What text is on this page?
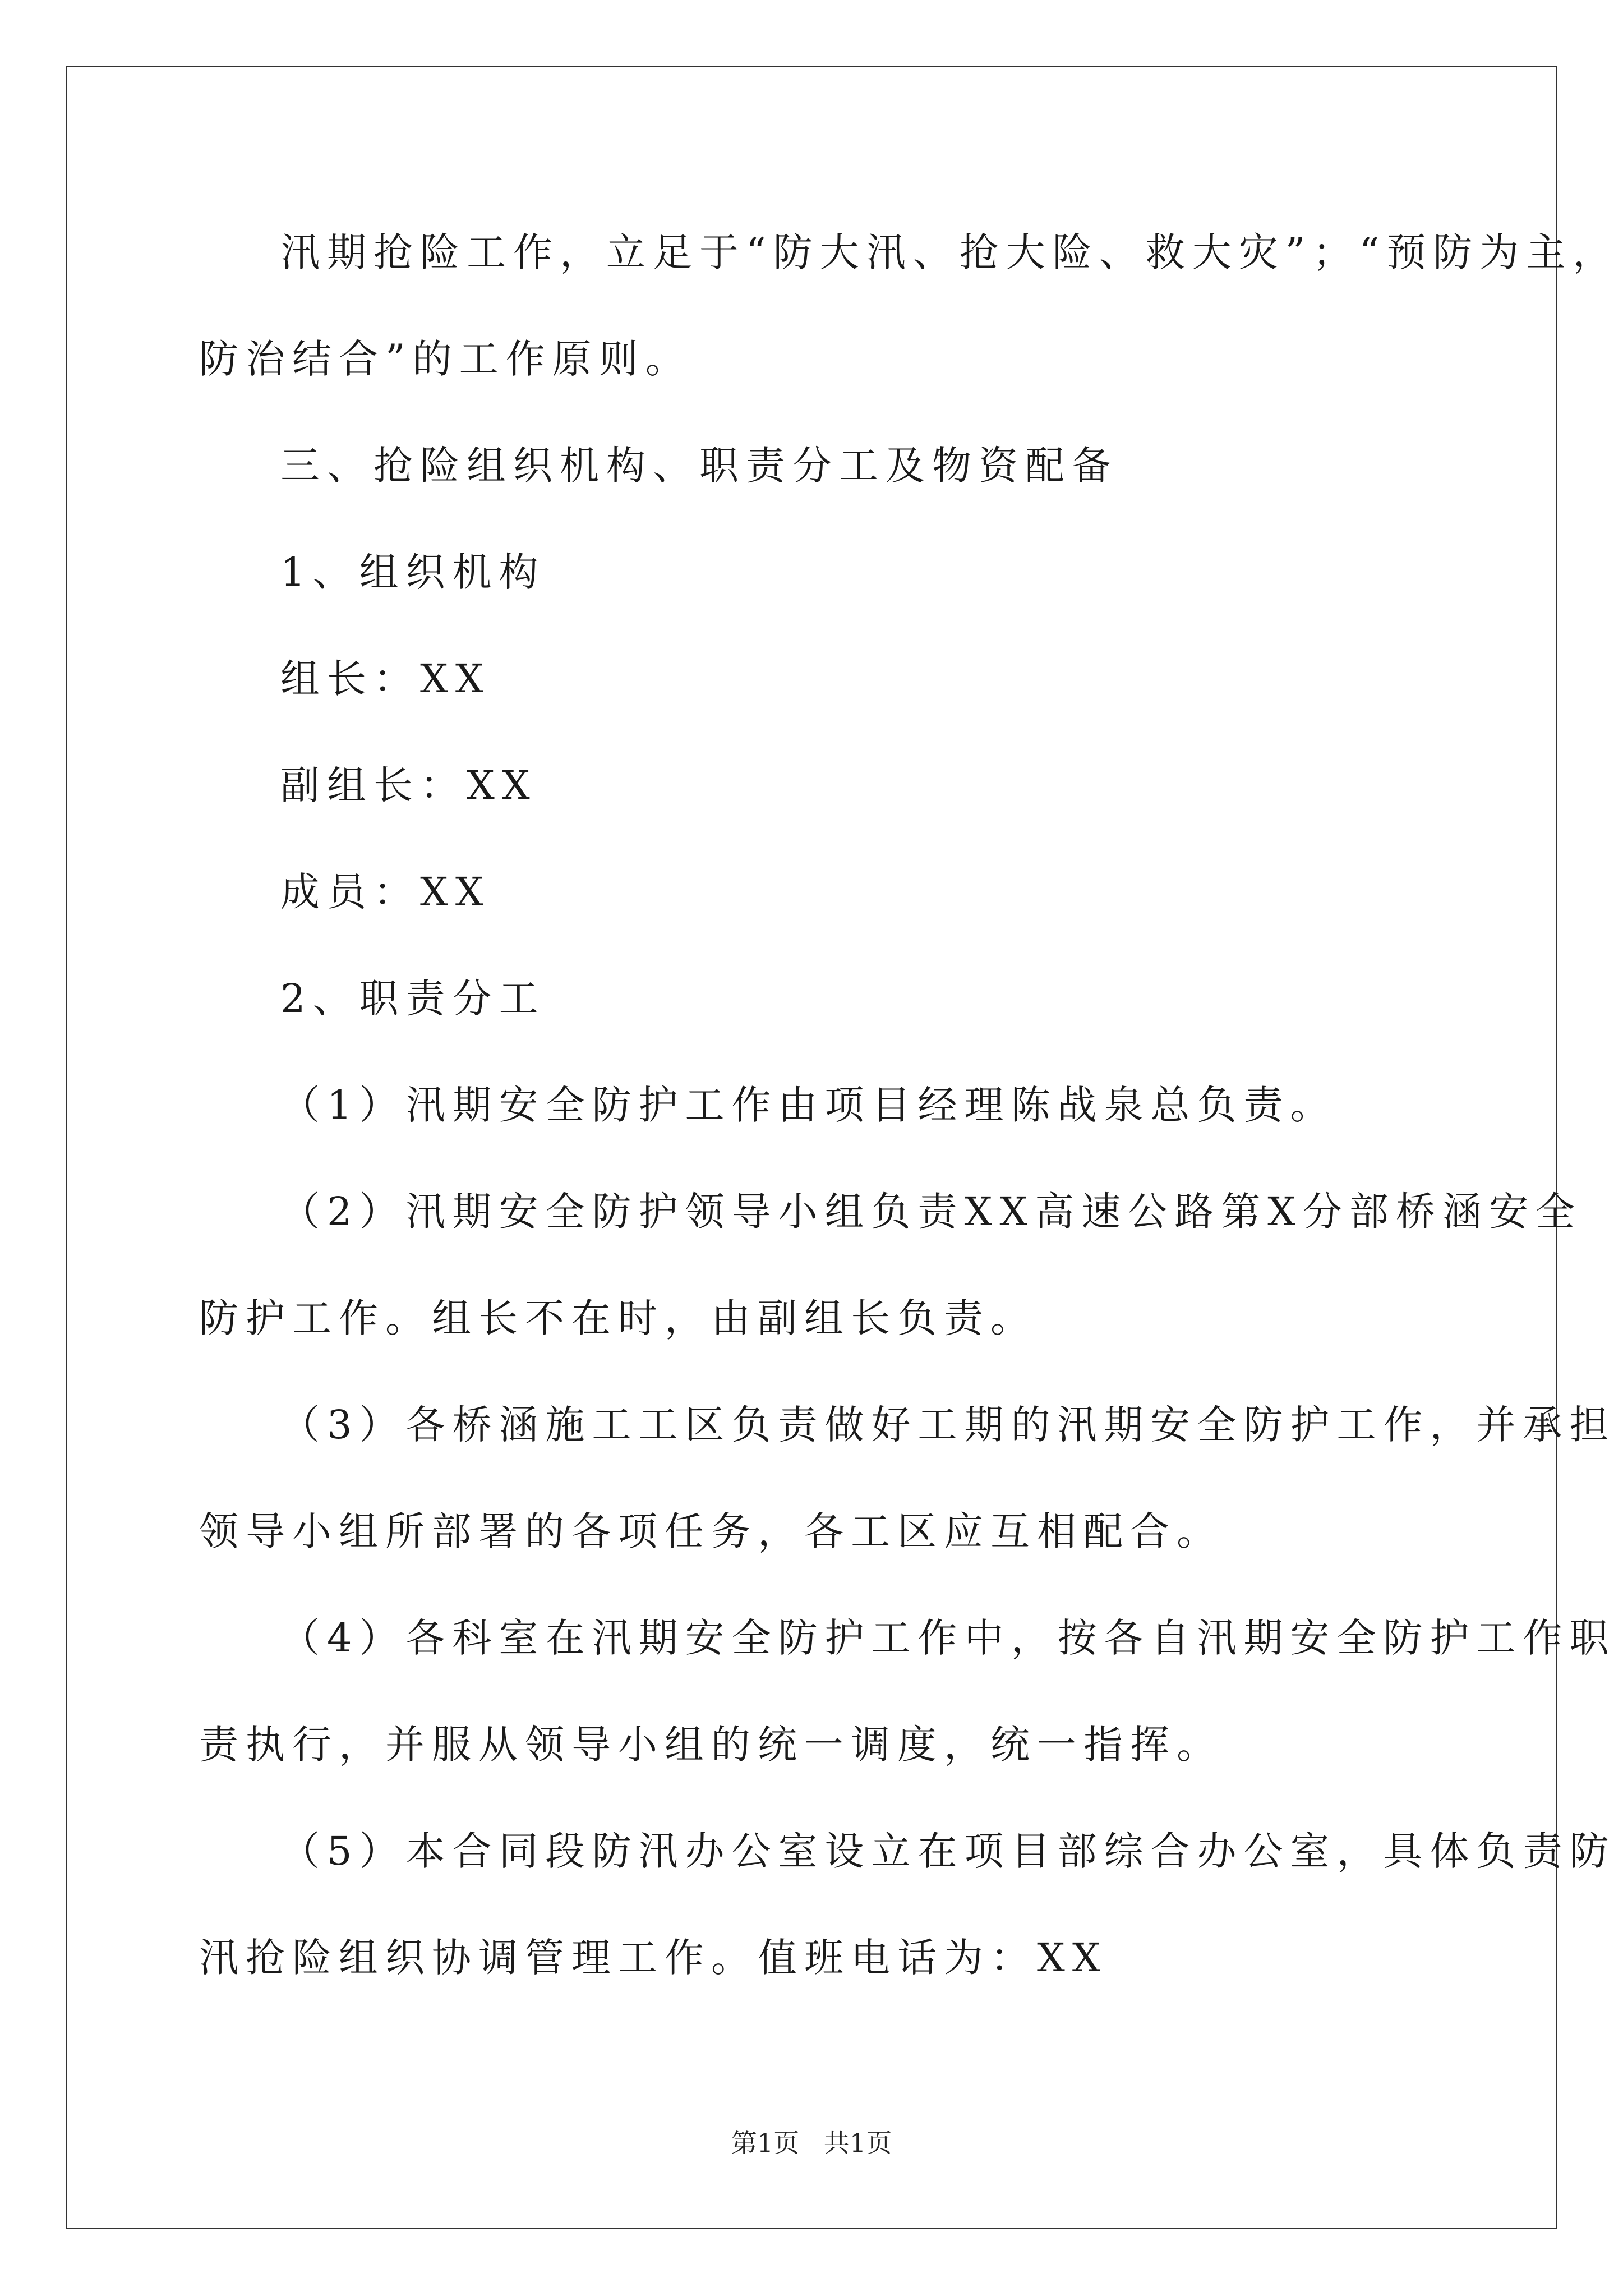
汛期抢险工作，立足于“防大汛、抢大险、救大灾”；“预防为主，
防治结合”的工作原则。
三、抢险组织机构、职责分工及物资配备
1、组织机构
组长：XX
副组长：XX
成员：XX
2、职责分工
（1）汛期安全防护工作由项目经理陈战泉总负责。
（2）汛期安全防护领导小组负责XX高速公路第X分部桥涵安全
防护工作。组长不在时，由副组长负责。
（3）各桥涵施工工区负责做好工期的汛期安全防护工作，并承担
领导小组所部署的各项任务，各工区应互相配合。
（4）各科室在汛期安全防护工作中，按各自汛期安全防护工作职
责执行，并服从领导小组的统一调度，统一指挥。
（5）本合同段防汛办公室设立在项目部综合办公室，具体负责防
汛抢险组织协调管理工作。值班电话为：XX
第1页   共1页
